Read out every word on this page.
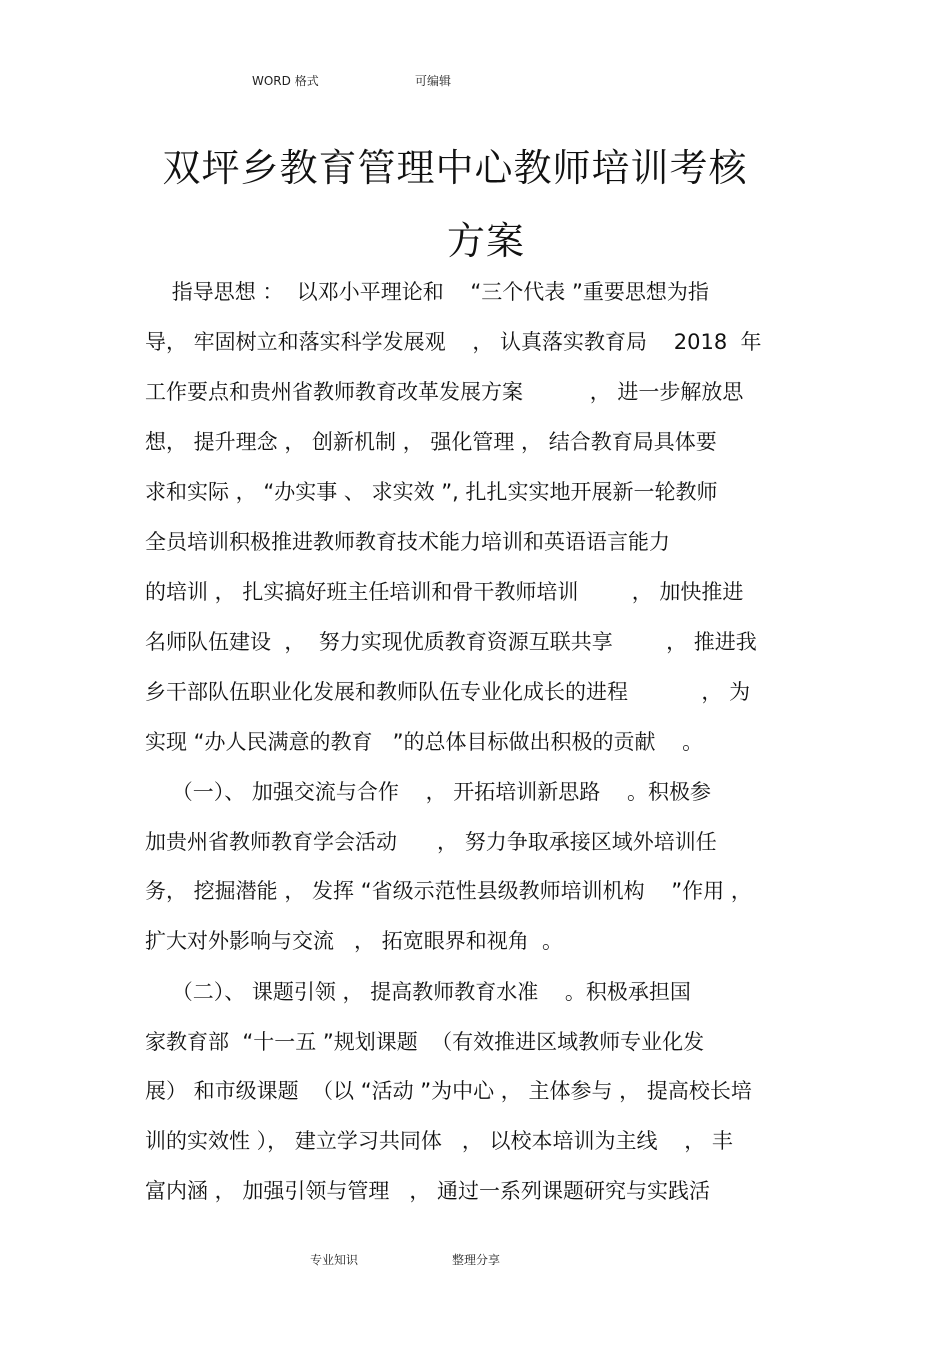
WORD 格式	可编辑
双坪乡教育管理中心教师培训考核
方案
指导思想 ：  以邓小平理论和    “三个代表 ”重要思想为指
导， 牢固树立和落实科学发展观    ， 认真落实教育局    2018  年
工作要点和贵州省教师教育改革发展方案          ， 进一步解放思
想， 提升理念 ， 创新机制 ， 强化管理 ， 结合教育局具体要
求和实际 ， “办实事 、 求实效 ”, 扎扎实实地开展新一轮教师
全员培训积极推进教师教育技术能力培训和英语语言能力
的培训 ， 扎实搞好班主任培训和骨干教师培训        ， 加快推进
名师队伍建设  ，  努力实现优质教育资源互联共享        ， 推进我
乡干部队伍职业化发展和教师队伍专业化成长的进程           ， 为
实现 “办人民满意的教育   ”的总体目标做出积极的贡献    。
（一）、 加强交流与合作    ， 开拓培训新思路    。积极参
加贵州省教师教育学会活动      ， 努力争取承接区域外培训任
务， 挖掘潜能 ， 发挥 “省级示范性县级教师培训机构    ”作用 ，
扩大对外影响与交流   ， 拓宽眼界和视角  。
（二）、 课题引领 ， 提高教师教育水准    。积极承担国
家教育部  “十一五 ”规划课题  （有效推进区域教师专业化发
展） 和市级课题  （以 “活动 ”为中心 ， 主体参与 ， 提高校长培
训的实效性 ）， 建立学习共同体   ， 以校本培训为主线    ， 丰
富内涵 ， 加强引领与管理   ， 通过一系列课题研究与实践活
专业知识	整理分享
